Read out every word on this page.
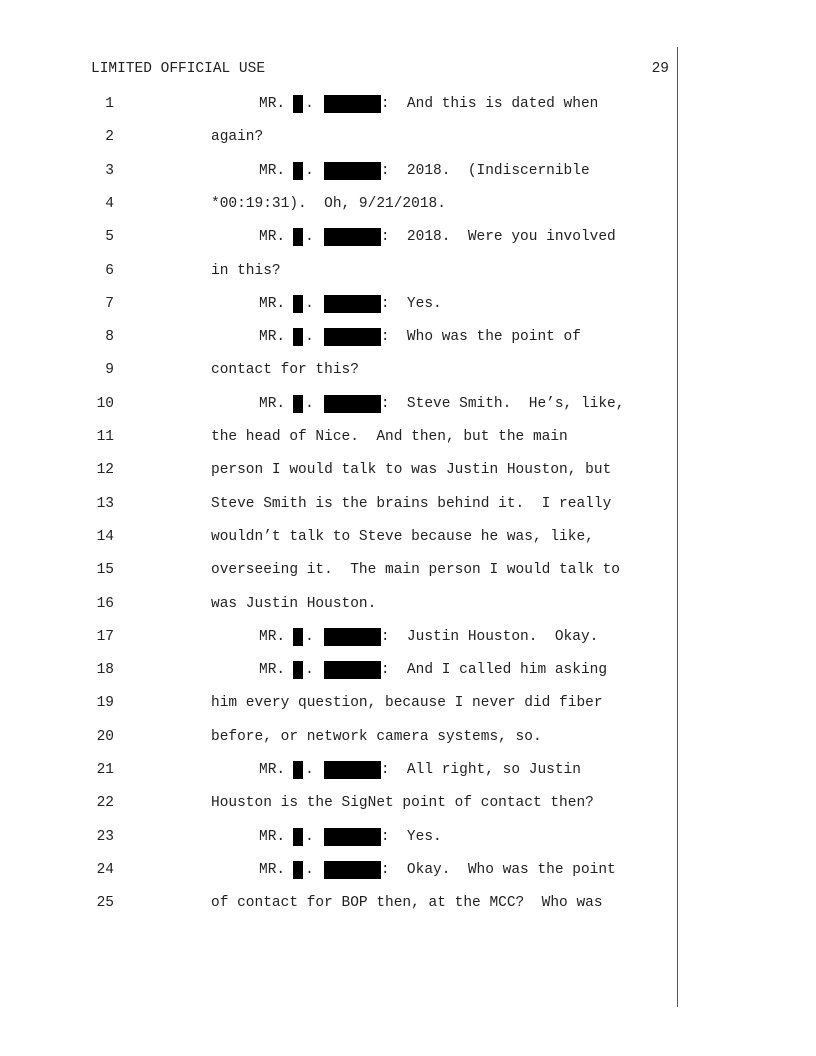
LIMITED OFFICIAL USE	29
1	MR. .	:  And this is dated when
2	again?
3	MR. .	:  2018.  (Indiscernible
4	*00:19:31).  Oh, 9/21/2018.
5	MR. .	:  2018.  Were you involved
6	in this?
7	MR. .	:  Yes.
8	MR. .	:  Who was the point of
9	contact for this?
10	MR. .	:  Steve Smith.  He’s, like,
11	the head of Nice.  And then, but the main
12	person I would talk to was Justin Houston, but
13	Steve Smith is the brains behind it.  I really
14	wouldn’t talk to Steve because he was, like,
15	overseeing it.  The main person I would talk to
16	was Justin Houston.
17	MR. .	:  Justin Houston.  Okay.
18	MR. .	:  And I called him asking
19	him every question, because I never did fiber
20	before, or network camera systems, so.
21	MR. .	:  All right, so Justin
22	Houston is the SigNet point of contact then?
23	MR. .	:  Yes.
24	MR. .	:  Okay.  Who was the point
25	of contact for BOP then, at the MCC?  Who was
